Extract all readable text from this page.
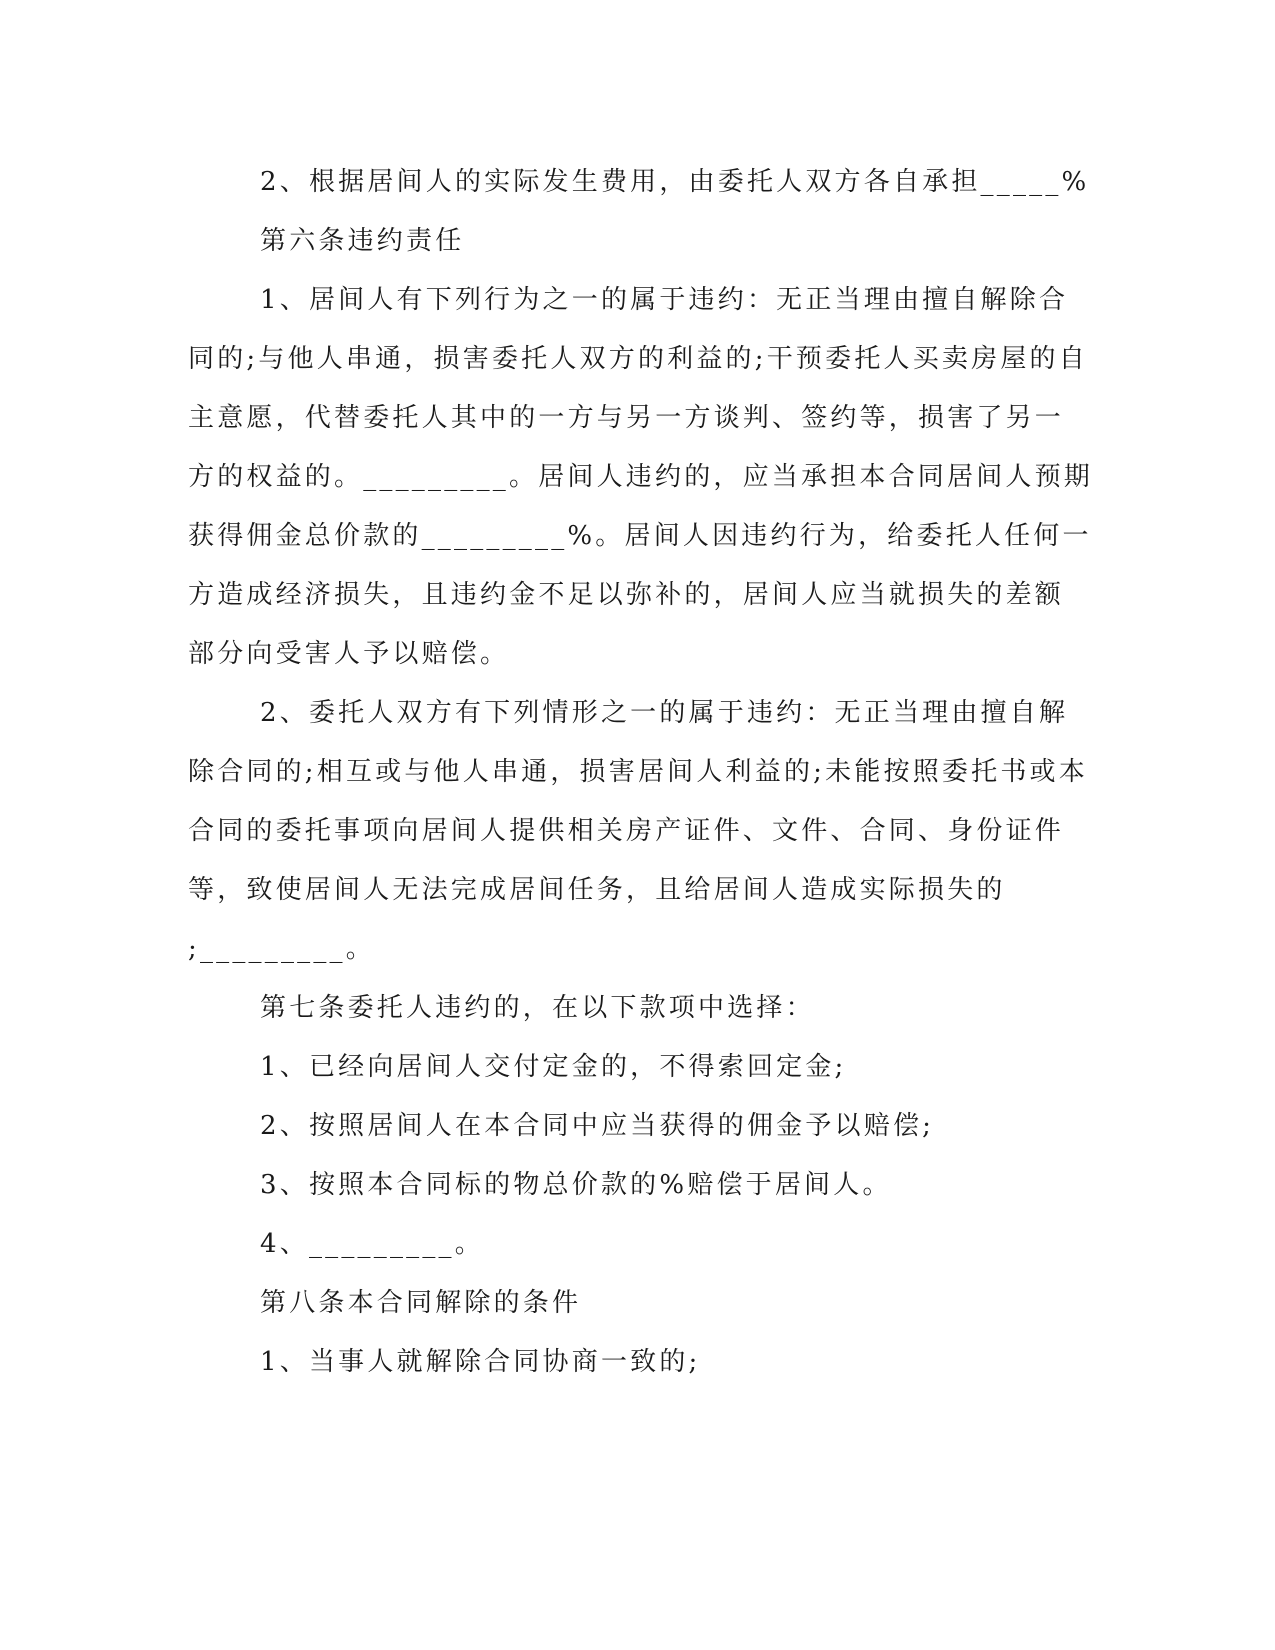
2、根据居间人的实际发生费用，由委托人双方各自承担_____%
第六条违约责任
1、居间人有下列行为之一的属于违约：无正当理由擅自解除合
同的;与他人串通，损害委托人双方的利益的;干预委托人买卖房屋的自
主意愿，代替委托人其中的一方与另一方谈判、签约等，损害了另一
方的权益的。_________。居间人违约的，应当承担本合同居间人预期
获得佣金总价款的_________%。居间人因违约行为，给委托人任何一
方造成经济损失，且违约金不足以弥补的，居间人应当就损失的差额
部分向受害人予以赔偿。
2、委托人双方有下列情形之一的属于违约：无正当理由擅自解
除合同的;相互或与他人串通，损害居间人利益的;未能按照委托书或本
合同的委托事项向居间人提供相关房产证件、文件、合同、身份证件
等，致使居间人无法完成居间任务，且给居间人造成实际损失的
;_________。
第七条委托人违约的，在以下款项中选择：
1、已经向居间人交付定金的，不得索回定金;
2、按照居间人在本合同中应当获得的佣金予以赔偿;
3、按照本合同标的物总价款的%赔偿于居间人。
4、_________。
第八条本合同解除的条件
1、当事人就解除合同协商一致的;
